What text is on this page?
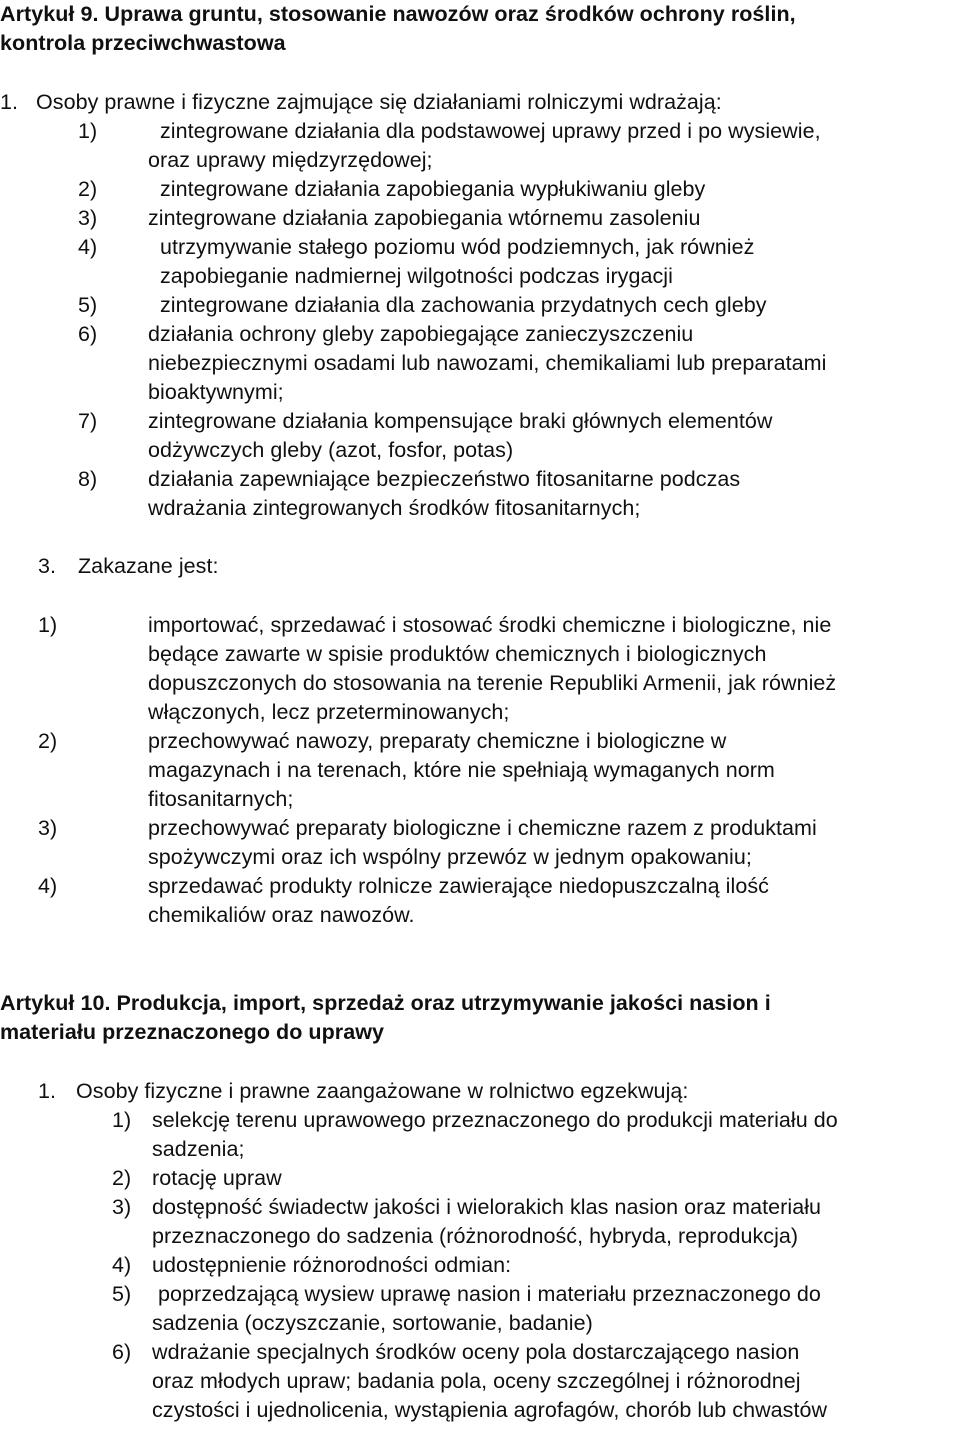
Artykuł 9. Uprawa gruntu, stosowanie nawozów oraz środków ochrony roślin,
kontrola przeciwchwastowa
1. Osoby prawne i fizyczne zajmujące się działaniami rolniczymi wdrażają:
1)	zintegrowane działania dla podstawowej uprawy przed i po wysiewie,
oraz uprawy międzyrzędowej;
2)	zintegrowane działania zapobiegania wypłukiwaniu gleby
3) zintegrowane działania zapobiegania wtórnemu zasoleniu
4)	utrzymywanie stałego poziomu wód podziemnych, jak również
zapobieganie nadmiernej wilgotności podczas irygacji
5)	zintegrowane działania dla zachowania przydatnych cech gleby
6) działania ochrony gleby zapobiegające zanieczyszczeniu
niebezpiecznymi osadami lub nawozami, chemikaliami lub preparatami
bioaktywnymi;
7) zintegrowane działania kompensujące braki głównych elementów
odżywczych gleby (azot, fosfor, potas)
8) działania zapewniające bezpieczeństwo fitosanitarne podczas
wdrażania zintegrowanych środków fitosanitarnych;
3. Zakazane jest:
1)	importować, sprzedawać i stosować środki chemiczne i biologiczne, nie
będące zawarte w spisie produktów chemicznych i biologicznych
dopuszczonych do stosowania na terenie Republiki Armenii, jak również
włączonych, lecz przeterminowanych;
2)	przechowywać nawozy, preparaty chemiczne i biologiczne w
magazynach i na terenach, które nie spełniają wymaganych norm
fitosanitarnych;
3)	przechowywać preparaty biologiczne i chemiczne razem z produktami
spożywczymi oraz ich wspólny przewóz w jednym opakowaniu;
4)	sprzedawać produkty rolnicze zawierające niedopuszczalną ilość
chemikaliów oraz nawozów.
Artykuł 10. Produkcja, import, sprzedaż oraz utrzymywanie jakości nasion i
materiału przeznaczonego do uprawy
1. Osoby fizyczne i prawne zaangażowane w rolnictwo egzekwują:
1) selekcję terenu uprawowego przeznaczonego do produkcji materiału do
sadzenia;
2) rotację upraw
3) dostępność świadectw jakości i wielorakich klas nasion oraz materiału
przeznaczonego do sadzenia (różnorodność, hybryda, reprodukcja)
4) udostępnienie różnorodności odmian:
5) poprzedzającą wysiew uprawę nasion i materiału przeznaczonego do
sadzenia (oczyszczanie, sortowanie, badanie)
6) wdrażanie specjalnych środków oceny pola dostarczającego nasion
oraz młodych upraw; badania pola, oceny szczególnej i różnorodnej
czystości i ujednolicenia, wystąpienia agrofagów, chorób lub chwastów
